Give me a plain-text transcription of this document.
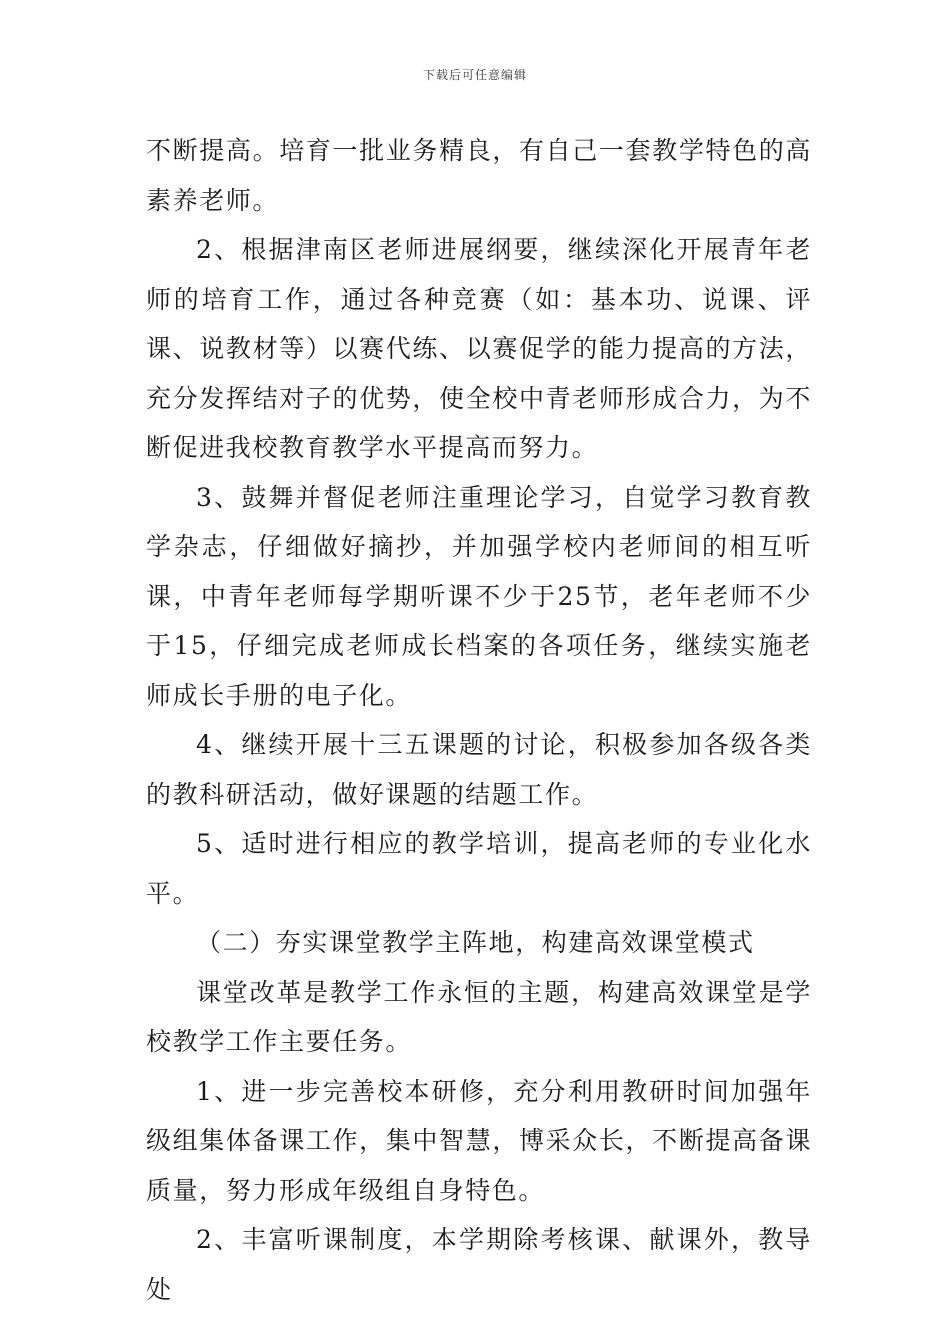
下载后可任意编辑

不断提高。培育一批业务精良，有自己一套教学特色的高素养老师。

2、根据津南区老师进展纲要，继续深化开展青年老师的培育工作，通过各种竞赛（如：基本功、说课、评课、说教材等）以赛代练、以赛促学的能力提高的方法，充分发挥结对子的优势，使全校中青老师形成合力，为不断促进我校教育教学水平提高而努力。

3、鼓舞并督促老师注重理论学习，自觉学习教育教学杂志，仔细做好摘抄，并加强学校内老师间的相互听课，中青年老师每学期听课不少于25节，老年老师不少于15，仔细完成老师成长档案的各项任务，继续实施老师成长手册的电子化。

4、继续开展十三五课题的讨论，积极参加各级各类的教科研活动，做好课题的结题工作。

5、适时进行相应的教学培训，提高老师的专业化水平。

（二）夯实课堂教学主阵地，构建高效课堂模式

课堂改革是教学工作永恒的主题，构建高效课堂是学校教学工作主要任务。

1、进一步完善校本研修，充分利用教研时间加强年级组集体备课工作，集中智慧，博采众长，不断提高备课质量，努力形成年级组自身特色。

2、丰富听课制度，本学期除考核课、献课外，教导处
